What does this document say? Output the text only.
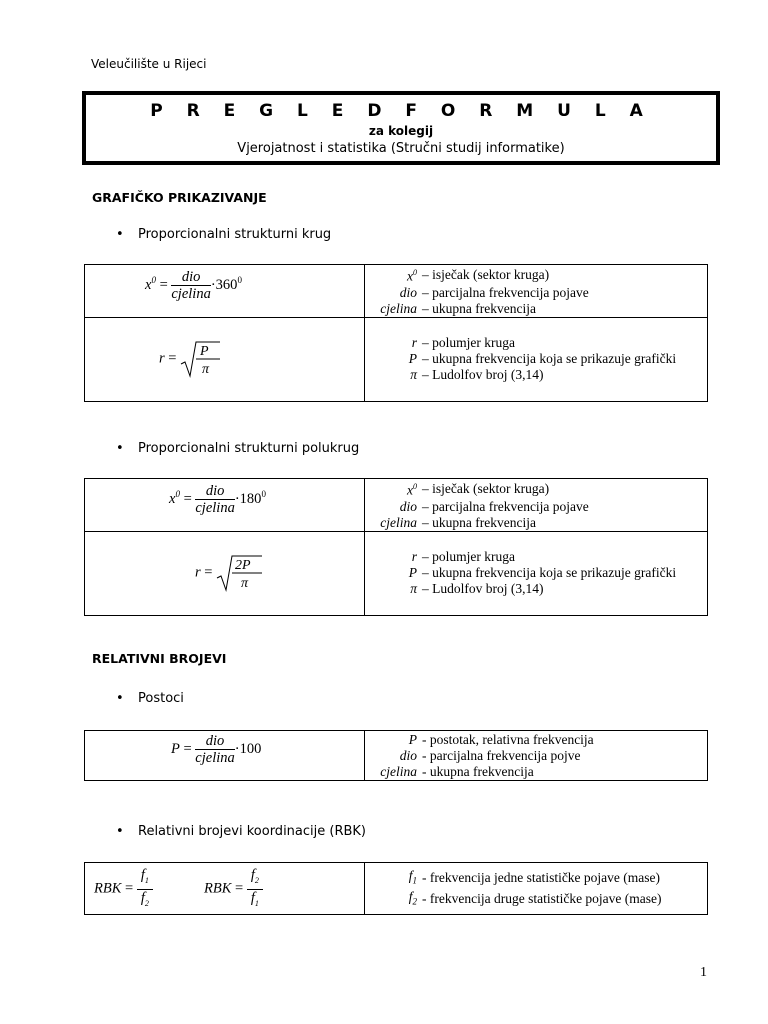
Veleučilište u Rijeci
P R E G L E D F O R M U L A
za kolegij
Vjerojatnost i statistika (Stručni studij informatike)
GRAFIČKO PRIKAZIVANJE
• Proporcionalni strukturni krug
$x^0 = \frac{\text{dio}}{\text{cjelina}} \cdot 360^0$
		$x^0$	– isječak (sektor kruga)
dio	– parcijalna frekvencija pojave
cjelina	– ukupna frekvencija

r = P
π

r	– polumjer kruga
P	– ukupna frekvencija koja se prikazuje grafički
π	– Ludolfov broj (3,14)
• Proporcionalni strukturni polukrug
$x^0 = \frac{\text{dio}}{\text{cjelina}} \cdot 180^0$
		$x^0$	– isječak (sektor kruga)
dio	– parcijalna frekvencija pojave
cjelina	– ukupna frekvencija

r = 2P
π

r	– polumjer kruga
P	– ukupna frekvencija koja se prikazuje grafički
π	– Ludolfov broj (3,14)
RELATIVNI BROJEVI
• Postoci
$P = \frac{\text{dio}}{\text{cjelina}} \cdot 100$

P	- postotak, relativna frekvencija
dio	- parcijalna frekvencija pojve
cjelina	- ukupna frekvencija
• Relativni brojevi koordinacije (RBK)
RBK = $\frac{f_1}{f_2}$	RBK = $\frac{f_2}{f_1}$
		$f_1$	- frekvencija jedne statističke pojave (mase)
$f_2$	- frekvencija druge statističke pojave (mase)
1
